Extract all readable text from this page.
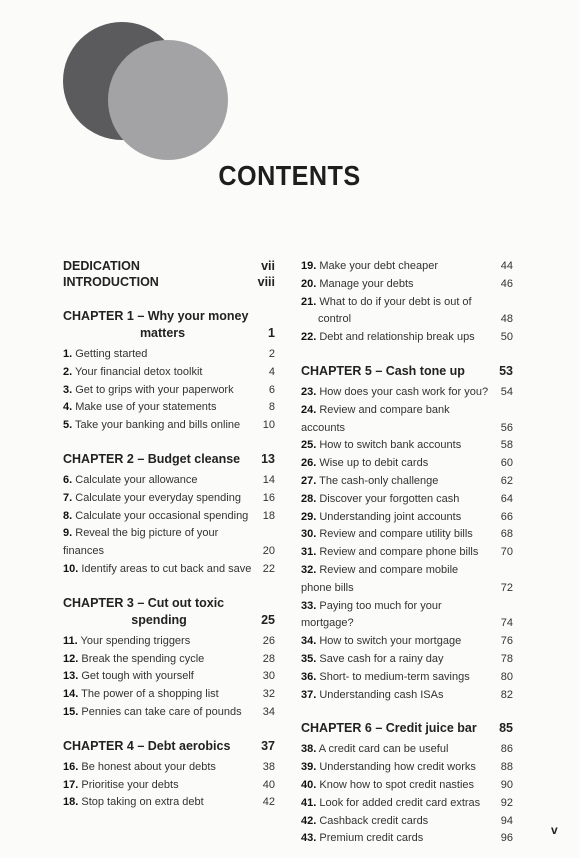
CONTENTS
DEDICATION	vii
INTRODUCTION	viii
CHAPTER 1 – Why your money
matters	1
1. Getting started	2
2. Your financial detox toolkit	4
3. Get to grips with your paperwork	6
4. Make use of your statements	8
5. Take your banking and bills online	10
CHAPTER 2 – Budget cleanse	13
6. Calculate your allowance	14
7. Calculate your everyday spending	16
8. Calculate your occasional spending	18
9. Reveal the big picture of your finances	20
10. Identify areas to cut back and save	22
CHAPTER 3 – Cut out toxic
spending	25
11. Your spending triggers	26
12. Break the spending cycle	28
13. Get tough with yourself	30
14. The power of a shopping list	32
15. Pennies can take care of pounds	34
CHAPTER 4 – Debt aerobics	37
16. Be honest about your debts	38
17. Prioritise your debts	40
18. Stop taking on extra debt	42
19. Make your debt cheaper	44
20. Manage your debts	46
21. What to do if your debt is out of
control	48
22. Debt and relationship break ups	50
CHAPTER 5 – Cash tone up	53
23. How does your cash work for you?	54
24. Review and compare bank accounts	56
25. How to switch bank accounts	58
26. Wise up to debit cards	60
27. The cash-only challenge	62
28. Discover your forgotten cash	64
29. Understanding joint accounts	66
30. Review and compare utility bills	68
31. Review and compare phone bills	70
32. Review and compare mobile phone bills	72
33. Paying too much for your mortgage?	74
34. How to switch your mortgage	76
35. Save cash for a rainy day	78
36. Short- to medium-term savings	80
37. Understanding cash ISAs	82
CHAPTER 6 – Credit juice bar	85
38. A credit card can be useful	86
39. Understanding how credit works	88
40. Know how to spot credit nasties	90
41. Look for added credit card extras	92
42. Cashback credit cards	94
43. Premium credit cards	96
v
